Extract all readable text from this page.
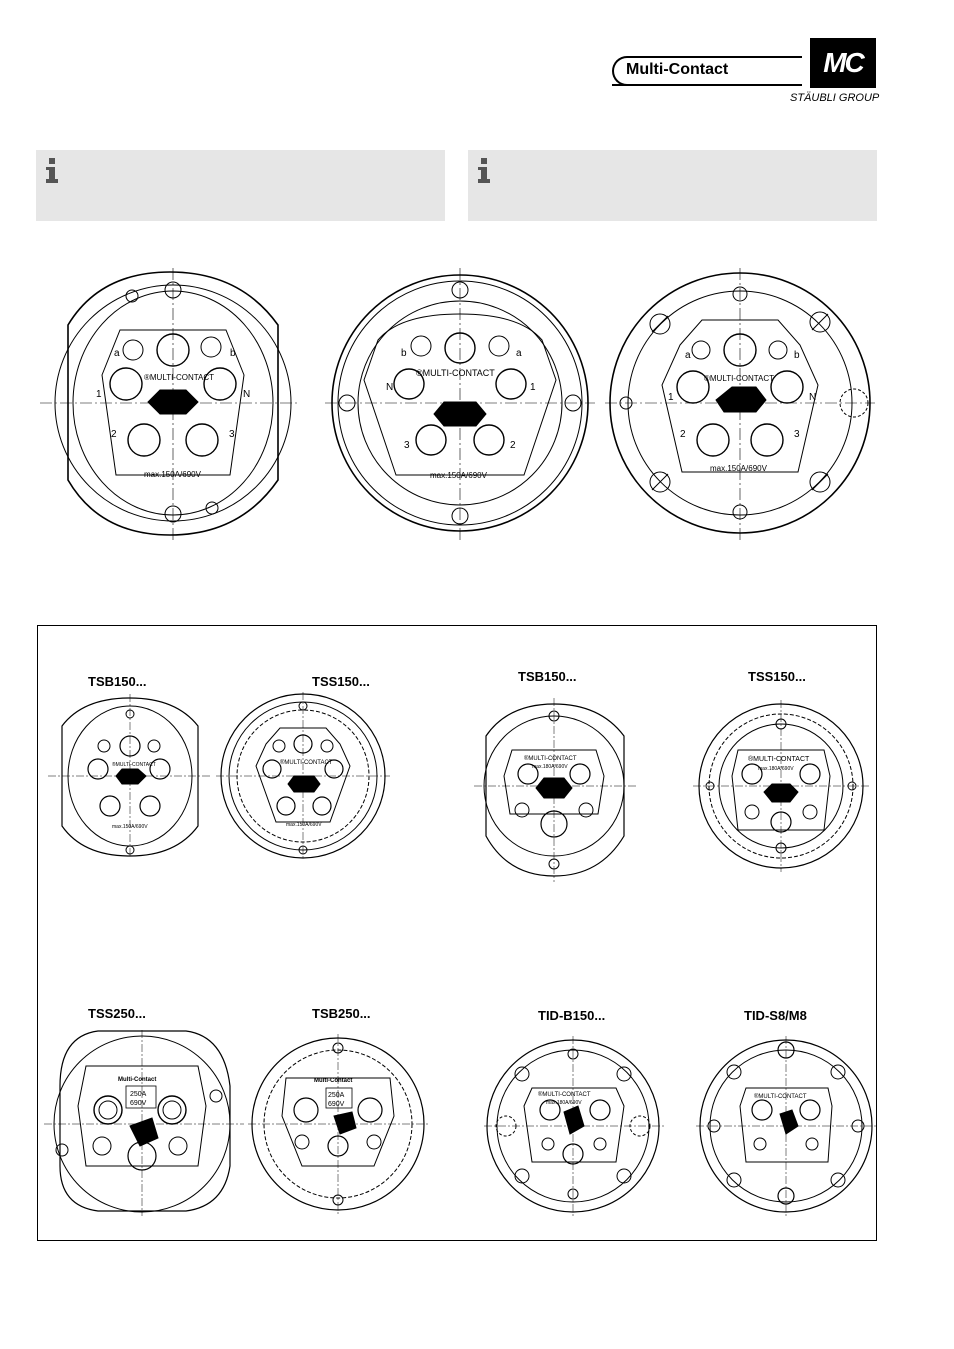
Multi-Contact	MC
STÄUBLI GROUP
a	b
1	N
2	3
®MULTI-CONTACT
max.150A/690V
b	a
N	1
3	2
®MULTI-CONTACT
max.150A/690V
a	b
1	N
2	3
®MULTI-CONTACT
max.150A/690V
TSB150...	TSS150...	TSB150...	TSS150...
TSS250...	TSB250...	TID-B150...	TID-S8/M8
®MULTI-CONTACT
max.150A/690V
®MULTI-CONTACT
max.150A/690V
®MULTI-CONTACT
max.180A/690V
®MULTI-CONTACT
max.180A/690V
Multi-Contact
250A
690V
Multi-Contact
250A
690V
®MULTI-CONTACT
max.180A/690V
®MULTI-CONTACT
